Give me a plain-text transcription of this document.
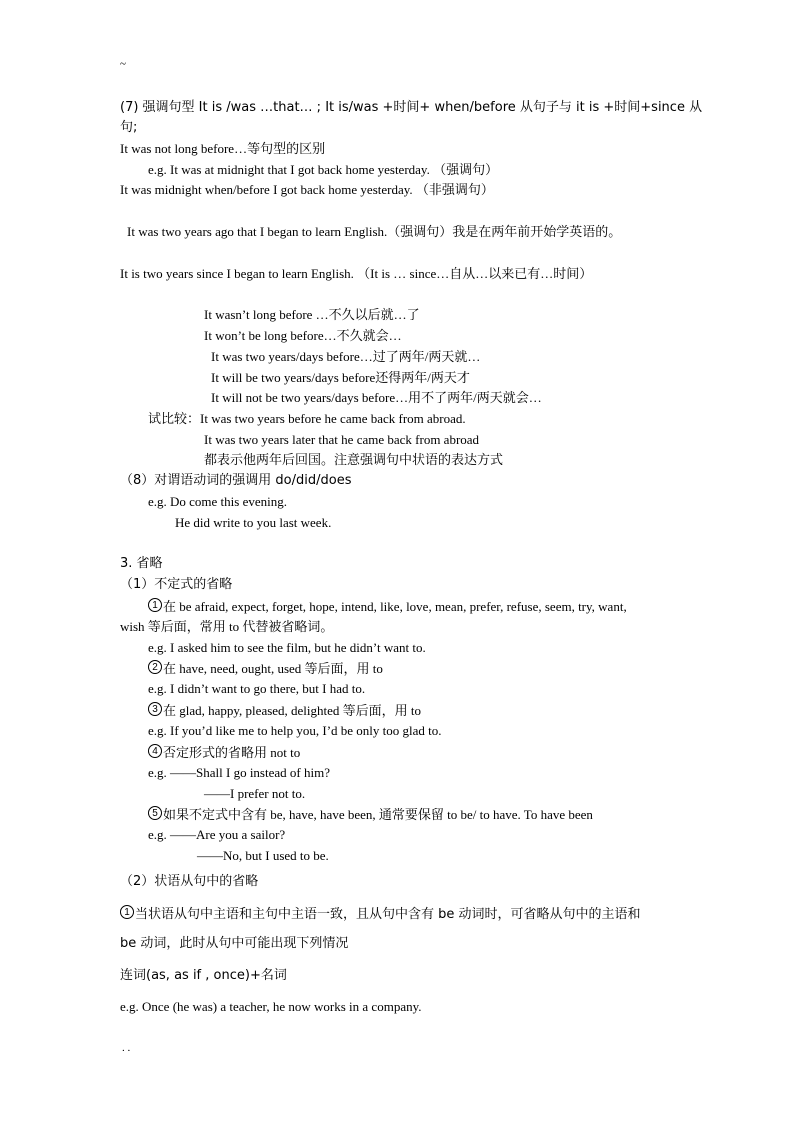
~
(7) 强调句型 It is /was …that… ; It is/was +时间+ when/before 从句子与 it is +时间+since 从
句;
It was not long before…等句型的区别
e.g. It was at midnight that I got back home yesterday. （强调句）
It was midnight when/before I got back home yesterday. （非强调句）
It was two years ago that I began to learn English.（强调句）我是在两年前开始学英语的。
It is two years since I began to learn English. （It is … since…自从…以来已有…时间）
It wasn’t long before …不久以后就…了
It won’t be long before…不久就会…
It was two years/days before…过了两年/两天就…
It will be two years/days before还得两年/两天才
It will not be two years/days before…用不了两年/两天就会…
试比较：It was two years before he came back from abroad.
It was two years later that he came back from abroad
都表示他两年后回国。注意强调句中状语的表达方式
（8）对谓语动词的强调用 do/did/does
e.g. Do come this evening.
He did write to you last week.
3. 省略
（1）不定式的省略
1 在 be afraid, expect, forget, hope, intend, like, love, mean, prefer, refuse, seem, try, want,
wish 等后面，常用 to 代替被省略词。
e.g. I asked him to see the film, but he didn’t want to.
2 在 have, need, ought, used 等后面，用 to
e.g. I didn’t want to go there, but I had to.
3 在 glad, happy, pleased, delighted 等后面，用 to
e.g. If you’d like me to help you, I’d be only too glad to.
4 否定形式的省略用 not to
e.g. ——Shall I go instead of him?
——I prefer not to.
5 如果不定式中含有 be, have, have been, 通常要保留 to be/ to have. To have been
e.g. ——Are you a sailor?
——No, but I used to be.
（2）状语从句中的省略
1 当状语从句中主语和主句中主语一致，且从句中含有 be 动词时，可省略从句中的主语和
be 动词，此时从句中可能出现下列情况
连词(as, as if , once)+名词
e.g. Once (he was) a teacher, he now works in a company.
. .
